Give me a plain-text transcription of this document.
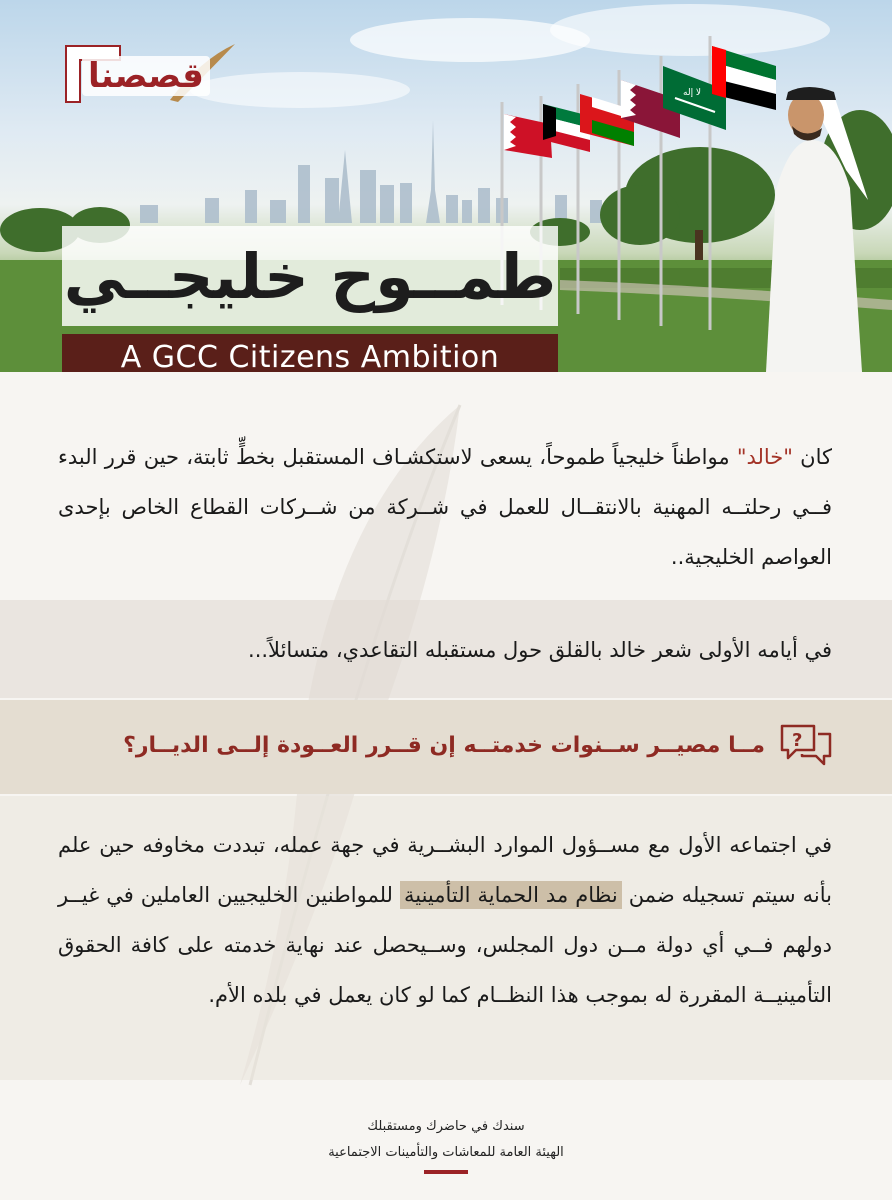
ﻻ إله
قصصنا
طمــوح خليجــي
A GCC Citizens Ambition

كان "خالد" مواطناً خليجياً طموحاً، يسعى لاستكشـاف المستقبل بخطٍّ ثابتة، حين قرر البدء فــي رحلتــه المهنية بالانتقــال للعمل في شــركة من شــركات القطاع الخاص بإحدى العواصم الخليجية..

في أيامه الأولى شعر خالد بالقلق حول مستقبله التقاعدي، متسائلاً...

?

مــا مصيــر ســنوات خدمتــه إن قــرر العــودة إلــى الديــار؟

في اجتماعه الأول مع مســؤول الموارد البشــرية في جهة عمله، تبددت مخاوفه حين علم بأنه سيتم تسجيله ضمن نظام مد الحماية التأمينية للمواطنين الخليجيين العاملين في غيــر دولهم فــي أي دولة مــن دول المجلس، وســيحصل عند نهاية خدمته على كافة الحقوق التأمينيــة المقررة له بموجب هذا النظــام كما لو كان يعمل في بلده الأم.

سندك في حاضرك ومستقبلك
الهيئة العامة للمعاشات والتأمينات الاجتماعية
